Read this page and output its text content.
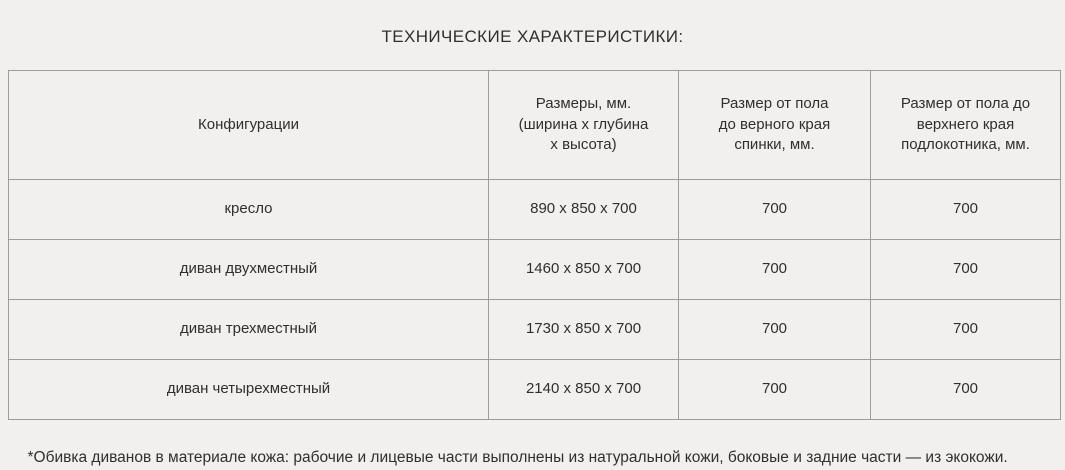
ТЕХНИЧЕСКИЕ ХАРАКТЕРИСТИКИ:
Конфигурации	Размеры, мм.
(ширина х глубина
х высота)	Размер от пола
до верного края
спинки, мм.	Размер от пола до
верхнего края
подлокотника, мм.

кресло	890 х 850 х 700	700	700
диван двухместный	1460 х 850 х 700	700	700
диван трехместный	1730 х 850 х 700	700	700
диван четырехместный	2140 х 850 х 700	700	700
*Обивка диванов в материале кожа: рабочие и лицевые части выполнены из натуральной кожи, боковые и задние части — из экокожи.
